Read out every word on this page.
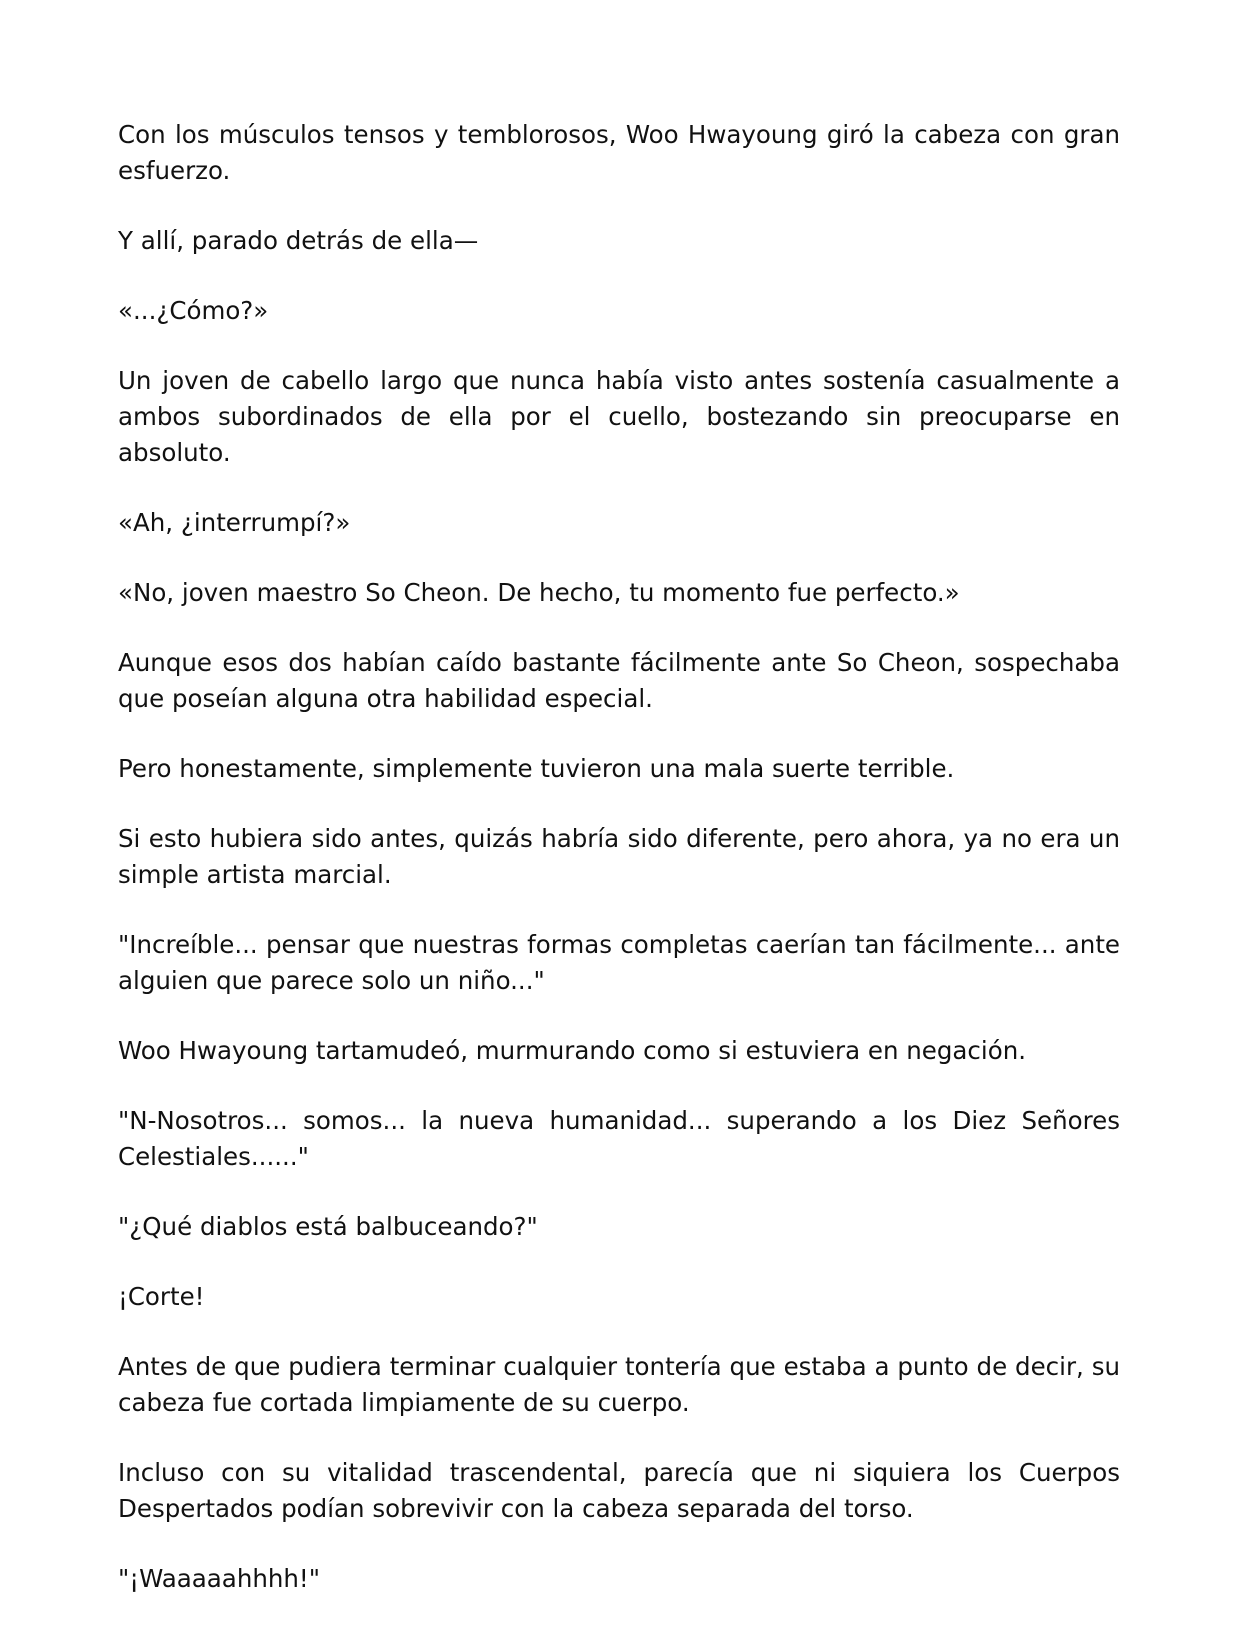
Con los músculos tensos y temblorosos, Woo Hwayoung giró la cabeza con gran esfuerzo.

Y allí, parado detrás de ella—

«...¿Cómo?»

Un joven de cabello largo que nunca había visto antes sostenía casualmente a ambos subordinados de ella por el cuello, bostezando sin preocuparse en absoluto.

«Ah, ¿interrumpí?»

«No, joven maestro So Cheon. De hecho, tu momento fue perfecto.»

Aunque esos dos habían caído bastante fácilmente ante So Cheon, sospechaba que poseían alguna otra habilidad especial.

Pero honestamente, simplemente tuvieron una mala suerte terrible.

Si esto hubiera sido antes, quizás habría sido diferente, pero ahora, ya no era un simple artista marcial.

"Increíble... pensar que nuestras formas completas caerían tan fácilmente... ante alguien que parece solo un niño..."

Woo Hwayoung tartamudeó, murmurando como si estuviera en negación.

"N-Nosotros... somos... la nueva humanidad... superando a los Diez Señores Celestiales......"

"¿Qué diablos está balbuceando?"

¡Corte!

Antes de que pudiera terminar cualquier tontería que estaba a punto de decir, su cabeza fue cortada limpiamente de su cuerpo.

Incluso con su vitalidad trascendental, parecía que ni siquiera los Cuerpos Despertados podían sobrevivir con la cabeza separada del torso.

"¡Waaaaahhhh!"
